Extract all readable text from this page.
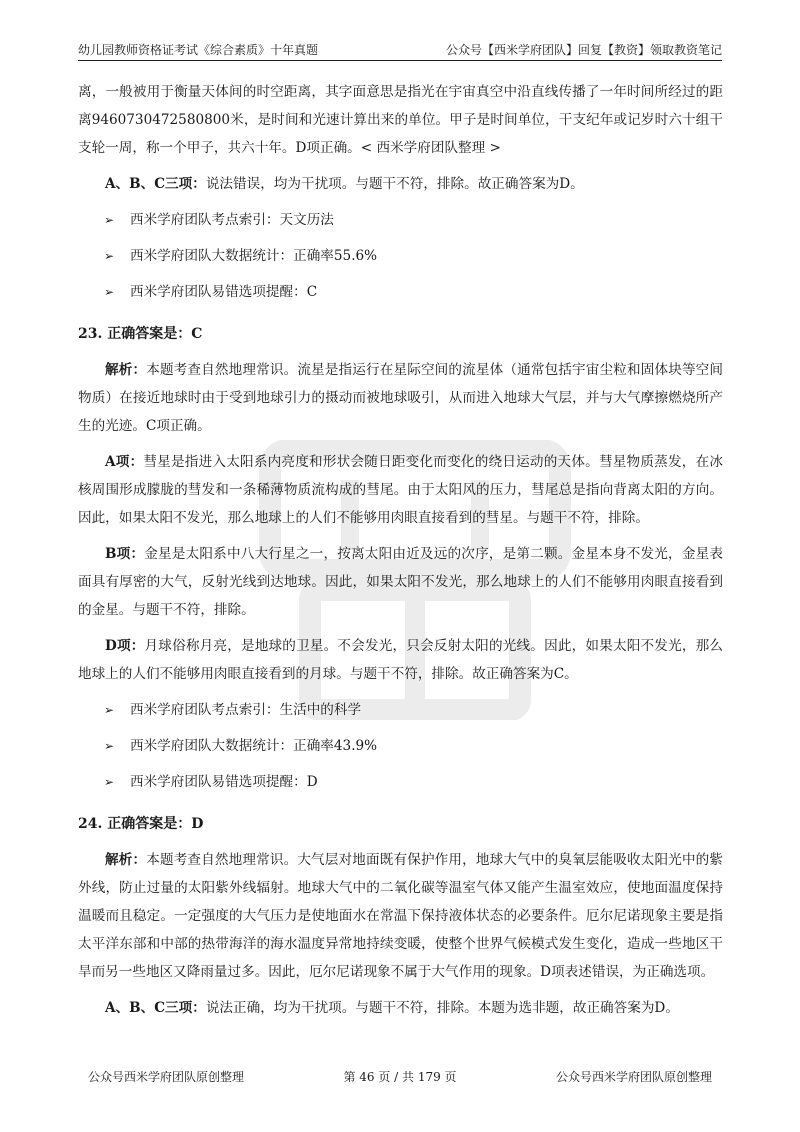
幼儿园教师资格证考试《综合素质》十年真题	公众号【西米学府团队】回复【教资】领取教资笔记

离，一般被用于衡量天体间的时空距离，其字面意思是指光在宇宙真空中沿直线传播了一年时间所经过的距离9460730472580800米，是时间和光速计算出来的单位。甲子是时间单位，干支纪年或记岁时六十组干支轮一周，称一个甲子，共六十年。D项正确。< 西米学府团队整理 >

A、B、C三项：说法错误，均为干扰项。与题干不符，排除。故正确答案为D。

➢ 西米学府团队考点索引：天文历法

➢ 西米学府团队大数据统计：正确率55.6%

➢ 西米学府团队易错选项提醒：C

23. 正确答案是：C

解析：本题考查自然地理常识。流星是指运行在星际空间的流星体（通常包括宇宙尘粒和固体块等空间物质）在接近地球时由于受到地球引力的摄动而被地球吸引，从而进入地球大气层，并与大气摩擦燃烧所产生的光迹。C项正确。

A项：彗星是指进入太阳系内亮度和形状会随日距变化而变化的绕日运动的天体。彗星物质蒸发，在冰核周围形成朦胧的彗发和一条稀薄物质流构成的彗尾。由于太阳风的压力，彗尾总是指向背离太阳的方向。因此，如果太阳不发光，那么地球上的人们不能够用肉眼直接看到的彗星。与题干不符，排除。

B项：金星是太阳系中八大行星之一，按离太阳由近及远的次序，是第二颗。金星本身不发光，金星表面具有厚密的大气，反射光线到达地球。因此，如果太阳不发光，那么地球上的人们不能够用肉眼直接看到的金星。与题干不符，排除。

D项：月球俗称月亮，是地球的卫星。不会发光，只会反射太阳的光线。因此，如果太阳不发光，那么地球上的人们不能够用肉眼直接看到的月球。与题干不符，排除。故正确答案为C。

➢ 西米学府团队考点索引：生活中的科学

➢ 西米学府团队大数据统计：正确率43.9%

➢ 西米学府团队易错选项提醒：D

24. 正确答案是：D

解析：本题考查自然地理常识。大气层对地面既有保护作用，地球大气中的臭氧层能吸收太阳光中的紫外线，防止过量的太阳紫外线辐射。地球大气中的二氧化碳等温室气体又能产生温室效应，使地面温度保持温暖而且稳定。一定强度的大气压力是使地面水在常温下保持液体状态的必要条件。厄尔尼诺现象主要是指太平洋东部和中部的热带海洋的海水温度异常地持续变暖，使整个世界气候模式发生变化，造成一些地区干旱而另一些地区又降雨量过多。因此，厄尔尼诺现象不属于大气作用的现象。D项表述错误，为正确选项。

A、B、C三项：说法正确，均为干扰项。与题干不符，排除。本题为选非题，故正确答案为D。

公众号西米学府团队原创整理	第 46 页 / 共 179 页	公众号西米学府团队原创整理
